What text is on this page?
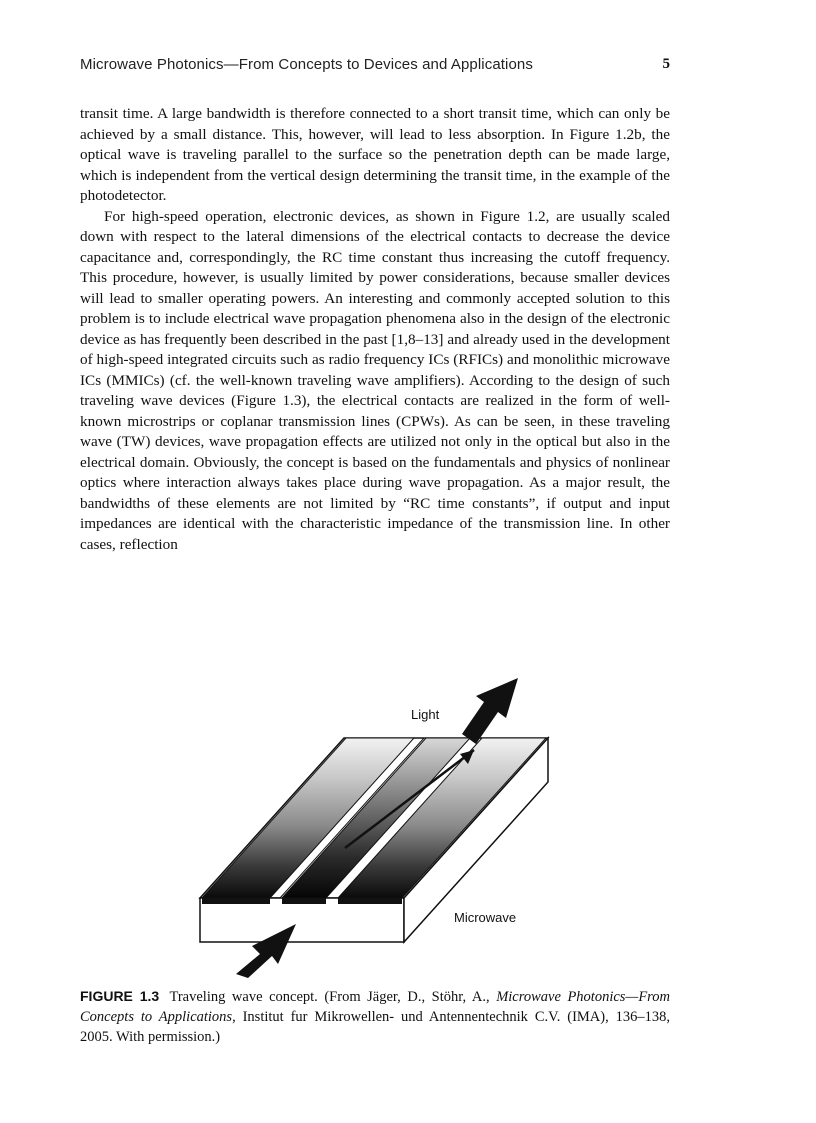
Microwave Photonics—From Concepts to Devices and Applications	5

transit time. A large bandwidth is therefore connected to a short transit time, which can only be achieved by a small distance. This, however, will lead to less absorption. In Figure 1.2b, the optical wave is traveling parallel to the surface so the penetration depth can be made large, which is independent from the vertical design determining the transit time, in the example of the photodetector.

For high-speed operation, electronic devices, as shown in Figure 1.2, are usually scaled down with respect to the lateral dimensions of the electrical contacts to decrease the device capacitance and, correspondingly, the RC time constant thus increasing the cutoff frequency. This procedure, however, is usually limited by power considerations, because smaller devices will lead to smaller operating powers. An interesting and commonly accepted solution to this problem is to include electrical wave propagation phenomena also in the design of the electronic device as has frequently been described in the past [1,8–13] and already used in the development of high-speed integrated circuits such as radio frequency ICs (RFICs) and monolithic microwave ICs (MMICs) (cf. the well-known traveling wave amplifiers). According to the design of such traveling wave devices (Figure 1.3), the electrical contacts are realized in the form of well-known microstrips or coplanar transmission lines (CPWs). As can be seen, in these traveling wave (TW) devices, wave propagation effects are utilized not only in the optical but also in the electrical domain. Obviously, the concept is based on the fundamentals and physics of nonlinear optics where interaction always takes place during wave propagation. As a major result, the bandwidths of these elements are not limited by “RC time constants”, if output and input impedances are identical with the characteristic impedance of the transmission line. In other cases, reflection

Light
Microwave
FIGURE 1.3 Traveling wave concept. (From Jäger, D., Stöhr, A., Microwave Photonics—From Concepts to Applications, Institut fur Mikrowellen- und Antennentechnik C.V. (IMA), 136–138, 2005. With permission.)
